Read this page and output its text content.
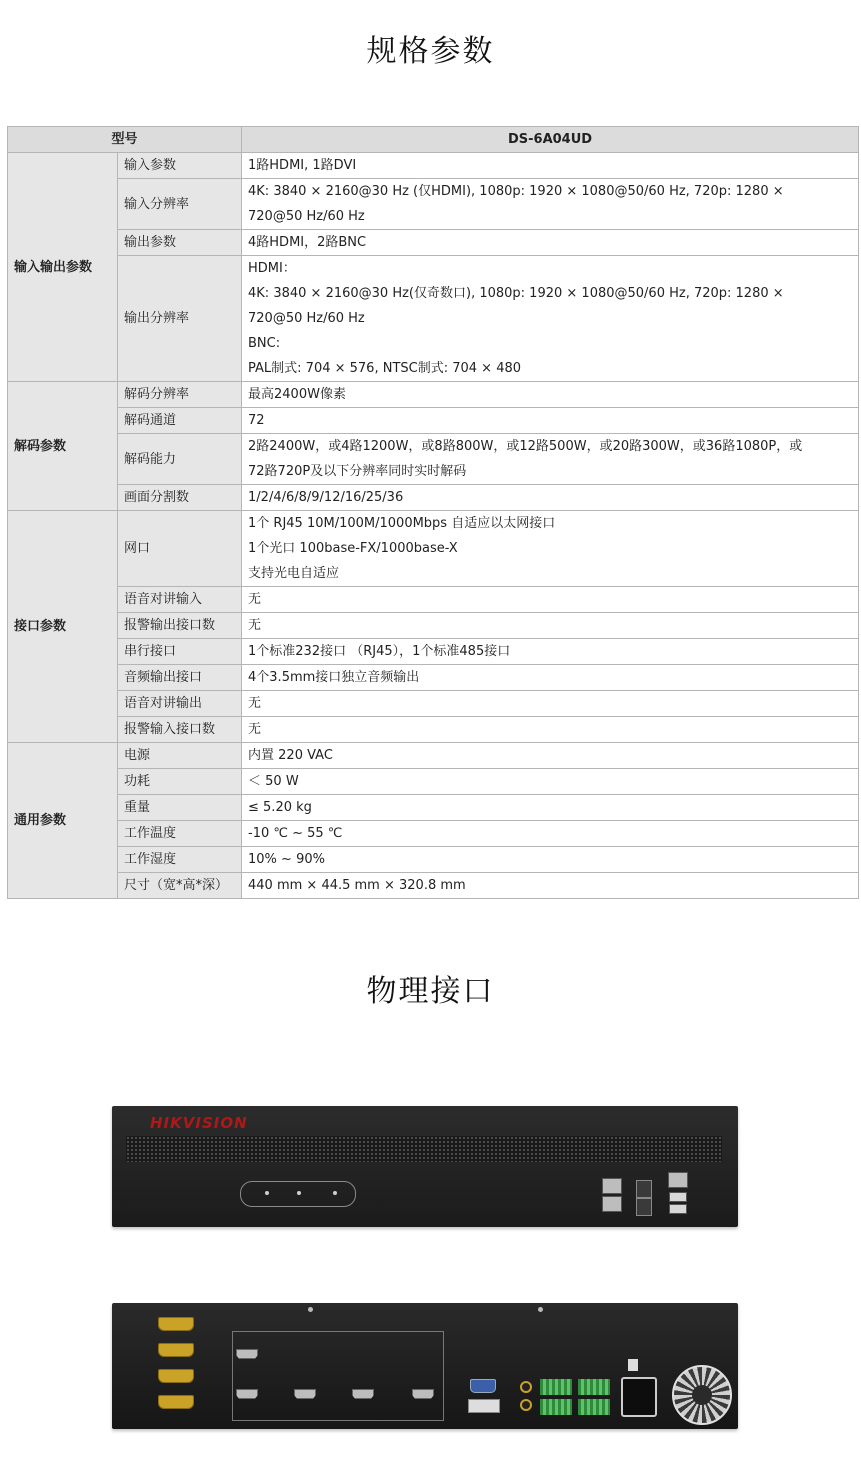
规格参数
型号		DS-6A04UD
输入输出参数	输入参数	1路HDMI, 1路DVI

	输入分辨率	4K: 3840 × 2160@30 Hz (仅HDMI), 1080p: 1920 × 1080@50/60 Hz, 720p: 1280 ×
720@50 Hz/60 Hz

	输出参数	4路HDMI，2路BNC

	输出分辨率	HDMI：
4K: 3840 × 2160@30 Hz(仅奇数口), 1080p: 1920 × 1080@50/60 Hz, 720p: 1280 ×
720@50 Hz/60 Hz
BNC:
PAL制式: 704 × 576, NTSC制式: 704 × 480

解码参数	解码分辨率	最高2400W像素

	解码通道	72

	解码能力	2路2400W，或4路1200W，或8路800W，或12路500W，或20路300W，或36路1080P，或
72路720P及以下分辨率同时实时解码

	画面分割数	1/2/4/6/8/9/12/16/25/36

接口参数	网口	1个 RJ45 10M/100M/1000Mbps 自适应以太网接口
1个光口 100base-FX/1000base-X
支持光电自适应

	语音对讲输入	无

	报警输出接口数	无

	串行接口	1个标准232接口 （RJ45），1个标准485接口

	音频输出接口	4个3.5mm接口独立音频输出

	语音对讲输出	无

	报警输入接口数	无

通用参数	电源	内置 220 VAC

	功耗	＜ 50 W

	重量	≤ 5.20 kg

	工作温度	-10 ℃ ~ 55 ℃

	工作湿度	10% ~ 90%

	尺寸（宽*高*深）	440 mm × 44.5 mm × 320.8 mm
物理接口
HIKVISION
